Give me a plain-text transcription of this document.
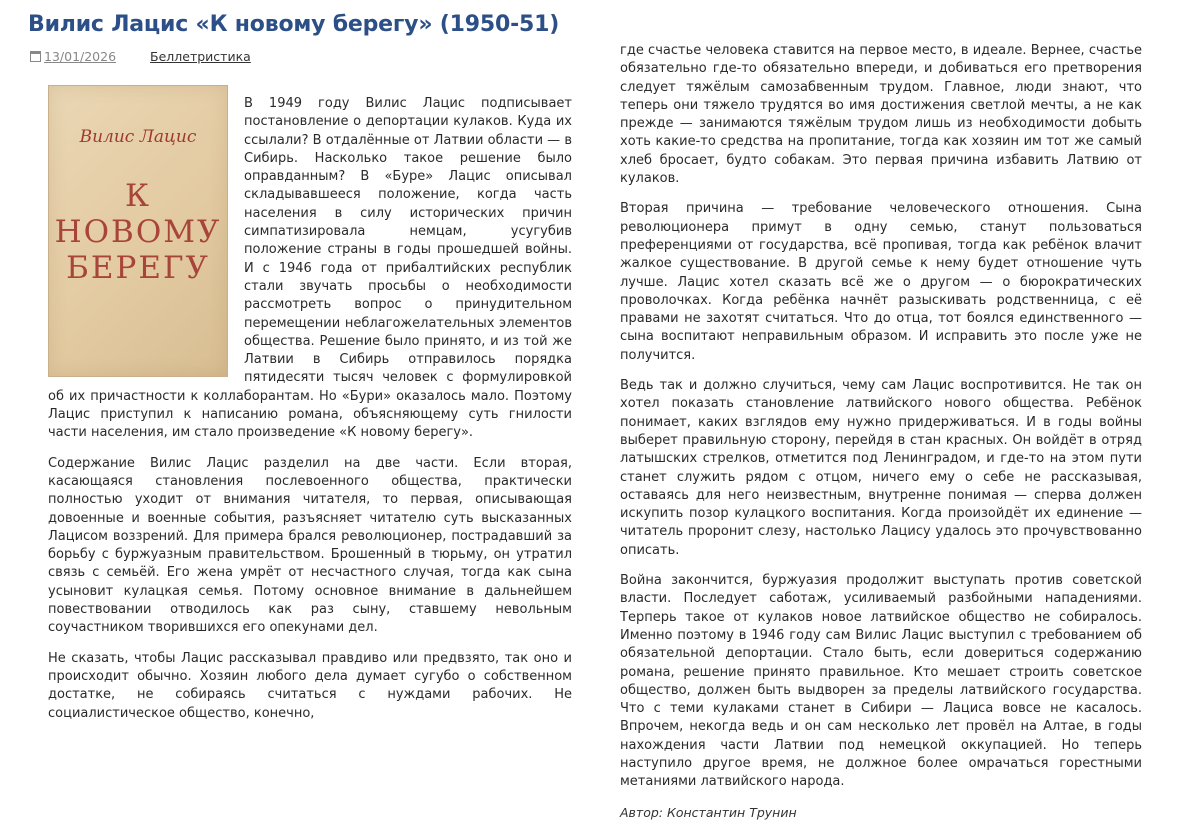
Вилис Лацис «К новому берегу» (1950-51)
13/01/2026	Беллетристика

Вилис Лацис
К НОВОМУ
БЕРЕГУ
В 1949 году Вилис Лацис подписывает постановление о депортации кулаков. Куда их ссылали? В отдалённые от Латвии области — в Сибирь. Насколько такое решение было оправданным? В «Буре» Лацис описывал складывавшееся положение, когда часть населения в силу исторических причин симпатизировала немцам, усугубив положение страны в годы прошедшей войны. И с 1946 года от прибалтийских республик стали звучать просьбы о необходимости рассмотреть вопрос о принудительном перемещении неблагожелательных элементов общества. Решение было принято, и из той же Латвии в Сибирь отправилось порядка пятидесяти тысяч человек с формулировкой об их причастности к коллаборантам. Но «Бури» оказалось мало. Поэтому Лацис приступил к написанию романа, объясняющему суть гнилости части населения, им стало произведение «К новому берегу».

Содержание Вилис Лацис разделил на две части. Если вторая, касающаяся становления послевоенного общества, практически полностью уходит от внимания читателя, то первая, описывающая довоенные и военные события, разъясняет читателю суть высказанных Лацисом воззрений. Для примера брался революционер, пострадавший за борьбу с буржуазным правительством. Брошенный в тюрьму, он утратил связь с семьёй. Его жена умрёт от несчастного случая, тогда как сына усыновит кулацкая семья. Потому основное внимание в дальнейшем повествовании отводилось как раз сыну, ставшему невольным соучастником творившихся его опекунами дел.

Не сказать, чтобы Лацис рассказывал правдиво или предвзято, так оно и происходит обычно. Хозяин любого дела думает сугубо о собственном достатке, не собираясь считаться с нуждами рабочих. Не социалистическое общество, конечно,

где счастье человека ставится на первое место, в идеале. Вернее, счастье обязательно где-то обязательно впереди, и добиваться его претворения следует тяжёлым самозабвенным трудом. Главное, люди знают, что теперь они тяжело трудятся во имя достижения светлой мечты, а не как прежде — занимаются тяжёлым трудом лишь из необходимости добыть хоть какие-то средства на пропитание, тогда как хозяин им тот же самый хлеб бросает, будто собакам. Это первая причина избавить Латвию от кулаков.

Вторая причина — требование человеческого отношения. Сына революционера примут в одну семью, станут пользоваться преференциями от государства, всё пропивая, тогда как ребёнок влачит жалкое существование. В другой семье к нему будет отношение чуть лучше. Лацис хотел сказать всё же о другом — о бюрократических проволочках. Когда ребёнка начнёт разыскивать родственница, с её правами не захотят считаться. Что до отца, тот боялся единственного — сына воспитают неправильным образом. И исправить это после уже не получится.

Ведь так и должно случиться, чему сам Лацис воспротивится. Не так он хотел показать становление латвийского нового общества. Ребёнок понимает, каких взглядов ему нужно придерживаться. И в годы войны выберет правильную сторону, перейдя в стан красных. Он войдёт в отряд латышских стрелков, отметится под Ленинградом, и где-то на этом пути станет служить рядом с отцом, ничего ему о себе не рассказывая, оставаясь для него неизвестным, внутренне понимая — сперва должен искупить позор кулацкого воспитания. Когда произойдёт их единение — читатель проронит слезу, настолько Лацису удалось это прочувствованно описать.

Война закончится, буржуазия продолжит выступать против советской власти. Последует саботаж, усиливаемый разбойными нападениями. Терперь такое от кулаков новое латвийское общество не собиралось. Именно поэтому в 1946 году сам Вилис Лацис выступил с требованием об обязательной депортации. Стало быть, если довериться содержанию романа, решение принято правильное. Кто мешает строить советское общество, должен быть выдворен за пределы латвийского государства. Что с теми кулаками станет в Сибири — Лациса вовсе не касалось. Впрочем, некогда ведь и он сам несколько лет провёл на Алтае, в годы нахождения части Латвии под немецкой оккупацией. Но теперь наступило другое время, не должное более омрачаться горестными метаниями латвийского народа.

Автор: Константин Трунин
